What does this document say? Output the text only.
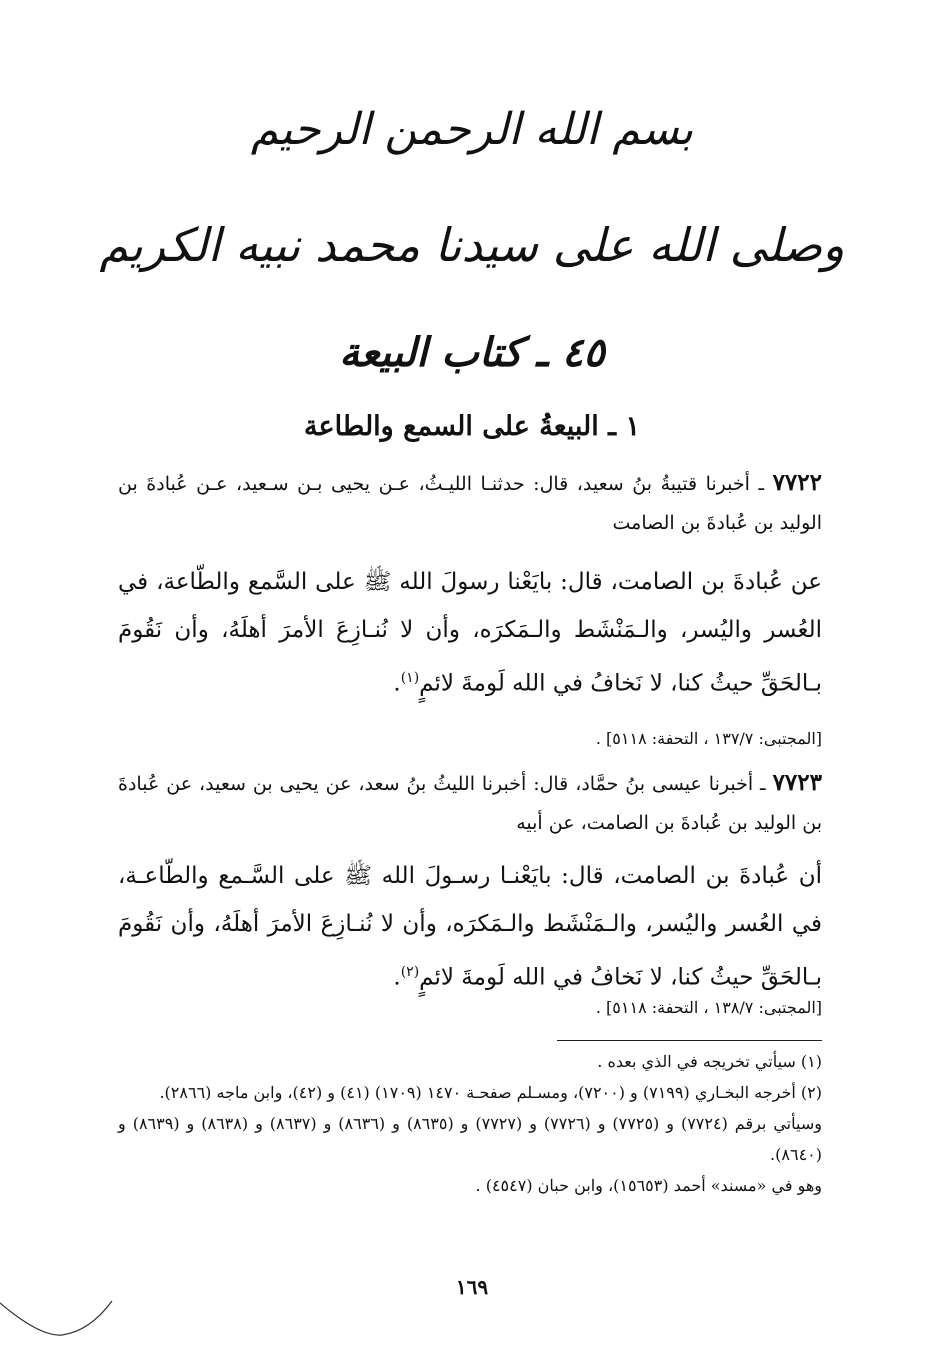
بسم الله الرحمن الرحيم
وصلى الله على سيدنا محمد نبيه الكريم
٤٥ ـ كتاب البيعة
١ ـ البيعةُ على السمع والطاعة
٧٧٢٢ ـ أخبرنا قتيبةُ بنُ سعيد، قال: حدثنـا الليـثُ، عـن يحيى بـن سـعيد، عـن عُبادةَ بن الوليد بن عُبادةَ بن الصامت
عن عُبادةَ بن الصامت، قال: بايَعْنا رسولَ الله ﷺ على السَّمع والطّاعة، في العُسر واليُسر، والـمَنْشَط والـمَكرَه، وأن لا نُنـازِعَ الأمرَ أهلَهُ، وأن نَقُومَ بـالحَقِّ حيثُ كنا، لا نَخافُ في الله لَومةَ لائمٍ$^{(١)}$.
[المجتبى: ١٣٧/٧ ، التحفة: ٥١١٨] .
٧٧٢٣ ـ أخبرنا عيسى بنُ حمَّاد، قال: أخبرنا الليثُ بنُ سعد، عن يحيى بن سعيد، عن عُبادةَ بن الوليد بن عُبادةَ بن الصامت، عن أبيه
أن عُبادةَ بن الصامت، قال: بايَعْنـا رسـولَ الله ﷺ على السَّـمع والطّاعـة، في العُسر واليُسر، والـمَنْشَط والـمَكرَه، وأن لا نُنـازِعَ الأمرَ أهلَهُ، وأن نَقُومَ بـالحَقِّ حيثُ كنا، لا نَخافُ في الله لَومةَ لائمٍ$^{(٢)}$.
[المجتبى: ١٣٨/٧ ، التحفة: ٥١١٨] .

(١) سيأتي تخريجه في الذي بعده .

(٢) أخرجه البخـاري (٧١٩٩) و (٧٢٠٠)، ومسـلم صفحـة ١٤٧٠ (١٧٠٩) (٤١) و (٤٢)، وابن ماجه (٢٨٦٦).

وسيأتي برقم (٧٧٢٤) و (٧٧٢٥) و (٧٧٢٦) و (٧٧٢٧) و (٨٦٣٥) و (٨٦٣٦) و (٨٦٣٧) و (٨٦٣٨) و (٨٦٣٩) و (٨٦٤٠).

وهو في «مسند» أحمد (١٥٦٥٣)، وابن حبان (٤٥٤٧) .

١٦٩
